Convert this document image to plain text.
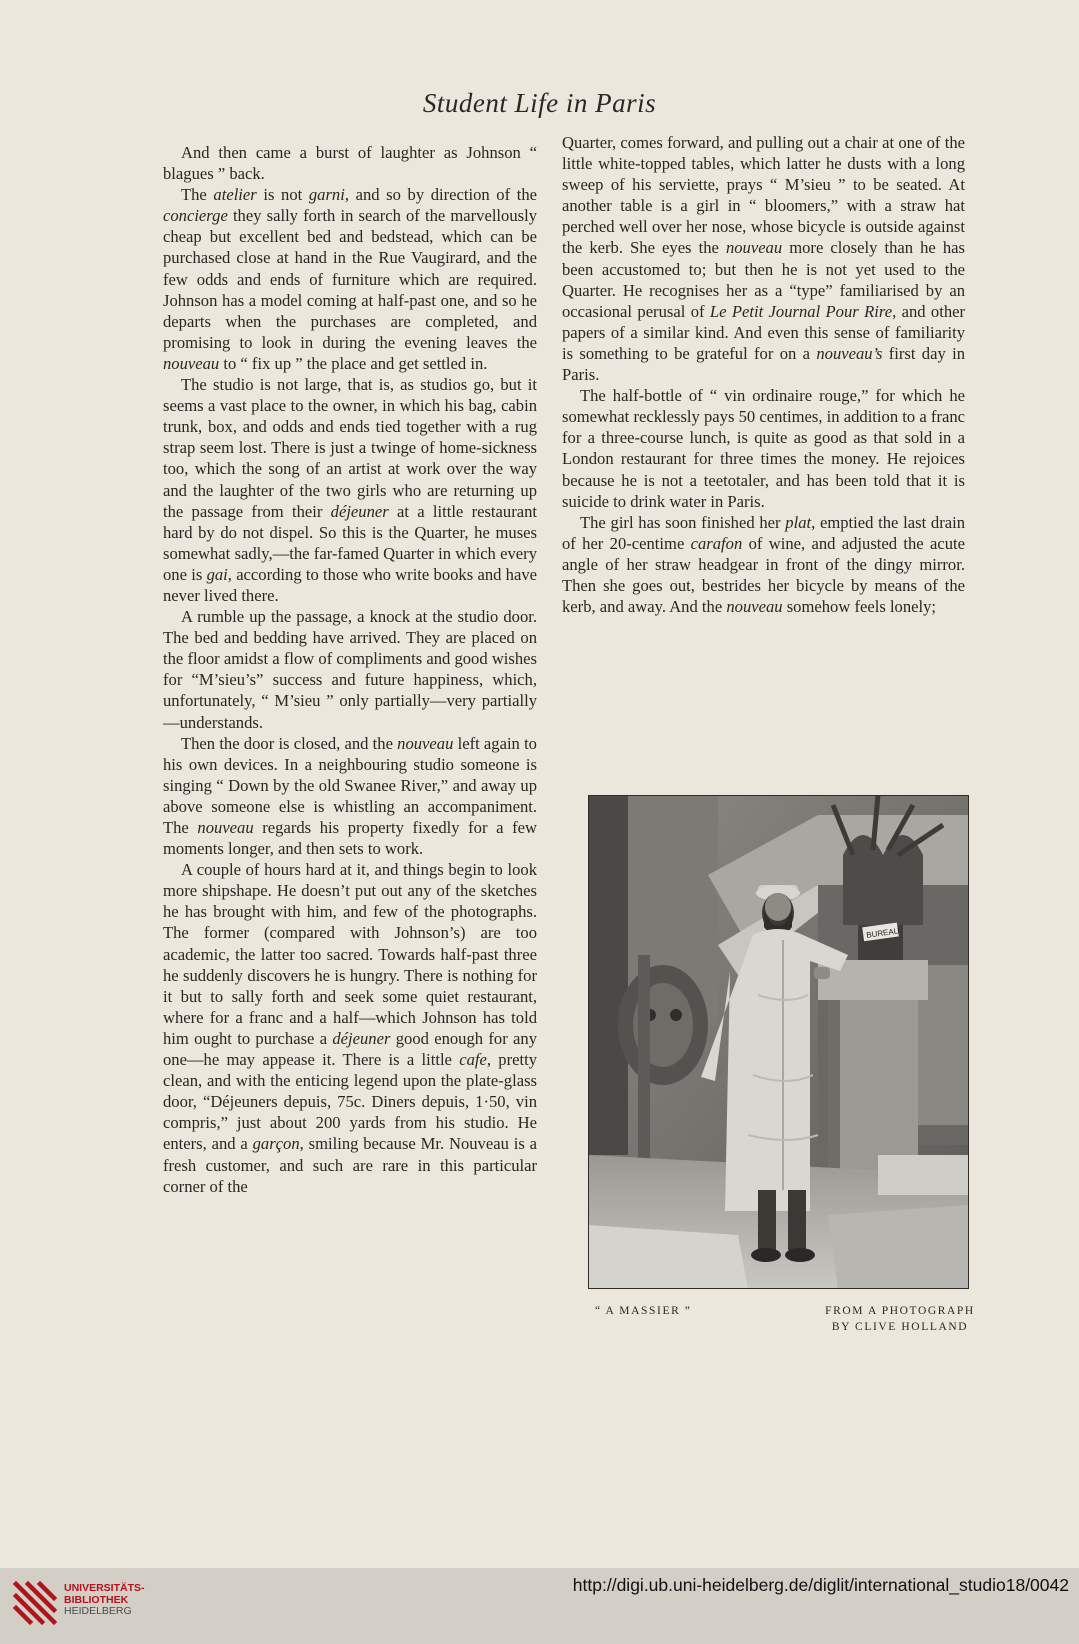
Student Life in Paris

And then came a burst of laughter as Johnson “ blagues ” back.

The atelier is not garni, and so by direction of the concierge they sally forth in search of the marvellously cheap but excellent bed and bedstead, which can be purchased close at hand in the Rue Vaugirard, and the few odds and ends of furniture which are required. Johnson has a model coming at half-past one, and so he departs when the purchases are completed, and promising to look in during the evening leaves the nouveau to “ fix up ” the place and get settled in.

The studio is not large, that is, as studios go, but it seems a vast place to the owner, in which his bag, cabin trunk, box, and odds and ends tied together with a rug strap seem lost. There is just a twinge of home-sickness too, which the song of an artist at work over the way and the laughter of the two girls who are returning up the passage from their déjeuner at a little restaurant hard by do not dispel. So this is the Quarter, he muses somewhat sadly,—the far-famed Quarter in which every one is gai, according to those who write books and have never lived there.

A rumble up the passage, a knock at the studio door. The bed and bedding have arrived. They are placed on the floor amidst a flow of compliments and good wishes for “M’sieu’s” success and future happiness, which, unfortunately, “ M’sieu ” only partially—very partially—understands.

Then the door is closed, and the nouveau left again to his own devices. In a neighbouring studio someone is singing “ Down by the old Swanee River,” and away up above someone else is whistling an accompaniment. The nouveau regards his property fixedly for a few moments longer, and then sets to work.

A couple of hours hard at it, and things begin to look more shipshape. He doesn’t put out any of the sketches he has brought with him, and few of the photographs. The former (compared with Johnson’s) are too academic, the latter too sacred. Towards half-past three he suddenly discovers he is hungry. There is nothing for it but to sally forth and seek some quiet restaurant, where for a franc and a half—which Johnson has told him ought to purchase a déjeuner good enough for any one—he may appease it. There is a little cafe, pretty clean, and with the enticing legend upon the plate-glass door, “Déjeuners depuis, 75c. Diners depuis, 1·50, vin compris,” just about 200 yards from his studio. He enters, and a garçon, smiling because Mr. Nouveau is a fresh customer, and such are rare in this particular corner of the

Quarter, comes forward, and pulling out a chair at one of the little white-topped tables, which latter he dusts with a long sweep of his serviette, prays “ M’sieu ” to be seated. At another table is a girl in “ bloomers,” with a straw hat perched well over her nose, whose bicycle is outside against the kerb. She eyes the nouveau more closely than he has been accustomed to; but then he is not yet used to the Quarter. He recognises her as a “type” familiarised by an occasional perusal of Le Petit Journal Pour Rire, and other papers of a similar kind. And even this sense of familiarity is something to be grateful for on a nouveau’s first day in Paris.

The half-bottle of “ vin ordinaire rouge,” for which he somewhat recklessly pays 50 centimes, in addition to a franc for a three-course lunch, is quite as good as that sold in a London restaurant for three times the money. He rejoices because he is not a teetotaler, and has been told that it is suicide to drink water in Paris.

The girl has soon finished her plat, emptied the last drain of her 20-centime carafon of wine, and adjusted the acute angle of her straw headgear in front of the dingy mirror. Then she goes out, bestrides her bicycle by means of the kerb, and away. And the nouveau somehow feels lonely;

BUREAU
“ A MASSIER ”	FROM A PHOTOGRAPH
BY CLIVE HOLLAND
UNIVERSITÄTS-
BIBLIOTHEK
HEIDELBERG
http://digi.ub.uni-heidelberg.de/diglit/international_studio18/0042
